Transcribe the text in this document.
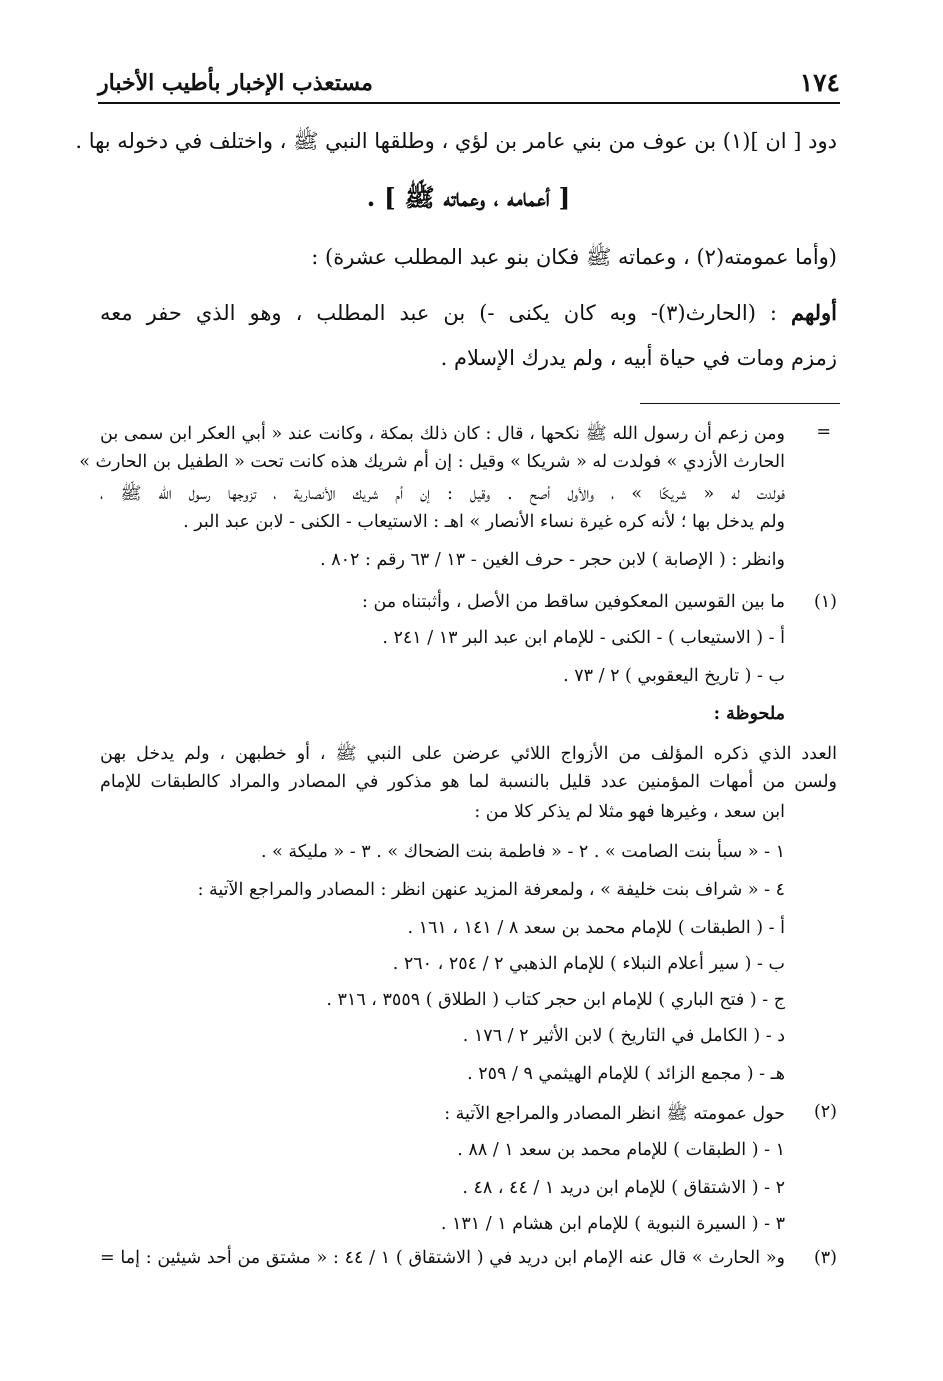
١٧٤
مستعذب الإخبار بأطيب الأخبار
دود [ ان ](١) بن عوف من بني عامر بن لؤي ، وطلقها النبي ﷺ ، واختلف في دخوله بها .
[ أعمامه ، وعماته ﷺ ] .
(وأما عمومته(٢) ، وعماته ﷺ فكان بنو عبد المطلب عشرة) :
أولهم : (الحارث(٣)- وبه كان يكنى -) بن عبد المطلب ، وهو الذي حفر معه
زمزم ومات في حياة أبيه ، ولم يدرك الإسلام .
=
ومن زعم أن رسول الله ﷺ نكحها ، قال : كان ذلك بمكة ، وكانت عند « أبي العكر ابن سمى بن
الحارث الأزدي » فولدت له « شريكا » وقيل : إن أم شريك هذه كانت تحت « الطفيل بن الحارث »
فولدت له « شريكًا » ، والأول أصح . وقيل : إن أم شريك الأنصارية ، تزوجها رسول الله ﷺ ،
ولم يدخل بها ؛ لأنه كره غيرة نساء الأنصار » اهـ : الاستيعاب - الكنى - لابن عبد البر .
وانظر : ( الإصابة ) لابن حجر - حرف الغين - ١٣ / ٦٣ رقم : ٨٠٢ .
(١)
ما بين القوسين المعكوفين ساقط من الأصل ، وأثبتناه من :
أ - ( الاستيعاب ) - الكنى - للإمام ابن عبد البر ١٣ / ٢٤١ .
ب - ( تاريخ اليعقوبي ) ٢ / ٧٣ .
ملحوظة :
العدد الذي ذكره المؤلف من الأزواج اللائي عرضن على النبي ﷺ ، أو خطبهن ، ولم يدخل بهن
ولسن من أمهات المؤمنين عدد قليل بالنسبة لما هو مذكور في المصادر والمراد كالطبقات للإمام
ابن سعد ، وغيرها فهو مثلا لم يذكر كلا من :
١ - « سبأ بنت الصامت » . ٢ - « فاطمة بنت الضحاك » . ٣ - « مليكة » .
٤ - « شراف بنت خليفة » ، ولمعرفة المزيد عنهن انظر : المصادر والمراجع الآتية :
أ - ( الطبقات ) للإمام محمد بن سعد ٨ / ١٤١ ، ١٦١ .
ب - ( سير أعلام النبلاء ) للإمام الذهبي ٢ / ٢٥٤ ، ٢٦٠ .
ج - ( فتح الباري ) للإمام ابن حجر كتاب ( الطلاق ) ٣٥٥٩ ، ٣١٦ .
د - ( الكامل في التاريخ ) لابن الأثير ٢ / ١٧٦ .
هـ - ( مجمع الزائد ) للإمام الهيثمي ٩ / ٢٥٩ .
(٢)
حول عمومته ﷺ انظر المصادر والمراجع الآتية :
١ - ( الطبقات ) للإمام محمد بن سعد ١ / ٨٨ .
٢ - ( الاشتقاق ) للإمام ابن دريد ١ / ٤٤ ، ٤٨ .
٣ - ( السيرة النبوية ) للإمام ابن هشام ١ / ١٣١ .
(٣)
و« الحارث » قال عنه الإمام ابن دريد في ( الاشتقاق ) ١ / ٤٤ : « مشتق من أحد شيئين : إما =
